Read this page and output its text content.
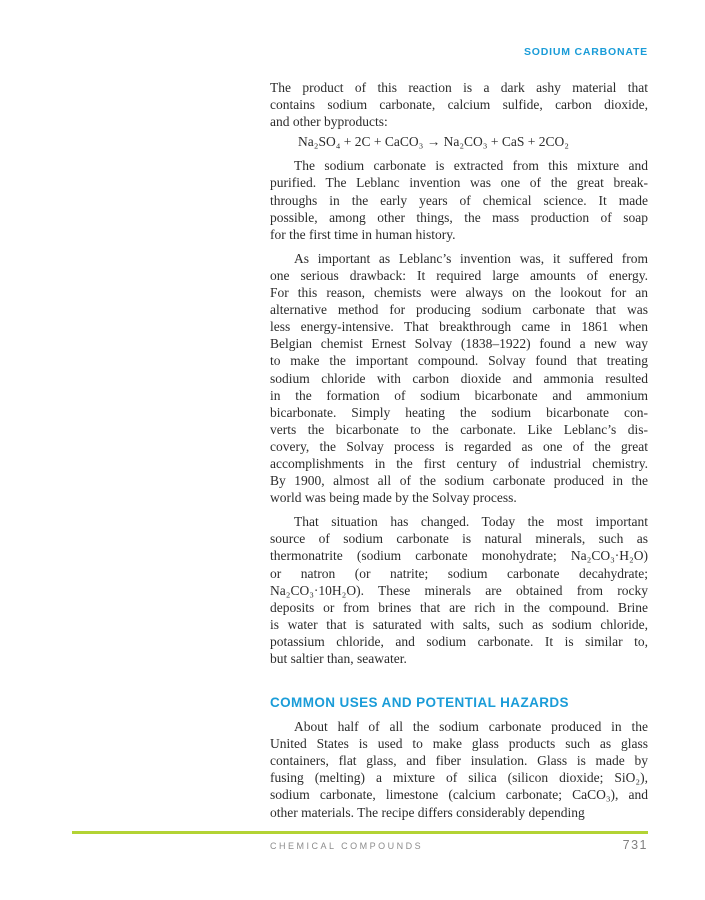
SODIUM CARBONATE
The product of this reaction is a dark ashy material that
contains sodium carbonate, calcium sulfide, carbon dioxide,
and other byproducts:
Na₂SO₄ + 2C + CaCO₃ → Na₂CO₃ + CaS + 2CO₂
The sodium carbonate is extracted from this mixture and
purified. The Leblanc invention was one of the great break-
throughs in the early years of chemical science. It made
possible, among other things, the mass production of soap
for the first time in human history.
As important as Leblanc’s invention was, it suffered from
one serious drawback: It required large amounts of energy.
For this reason, chemists were always on the lookout for an
alternative method for producing sodium carbonate that was
less energy-intensive. That breakthrough came in 1861 when
Belgian chemist Ernest Solvay (1838–1922) found a new way
to make the important compound. Solvay found that treating
sodium chloride with carbon dioxide and ammonia resulted
in the formation of sodium bicarbonate and ammonium
bicarbonate. Simply heating the sodium bicarbonate con-
verts the bicarbonate to the carbonate. Like Leblanc’s dis-
covery, the Solvay process is regarded as one of the great
accomplishments in the first century of industrial chemistry.
By 1900, almost all of the sodium carbonate produced in the
world was being made by the Solvay process.
That situation has changed. Today the most important
source of sodium carbonate is natural minerals, such as
thermonatrite (sodium carbonate monohydrate; Na₂CO₃·H₂O)
or natron (or natrite; sodium carbonate decahydrate;
Na₂CO₃·10H₂O). These minerals are obtained from rocky
deposits or from brines that are rich in the compound. Brine
is water that is saturated with salts, such as sodium chloride,
potassium chloride, and sodium carbonate. It is similar to,
but saltier than, seawater.
COMMON USES AND POTENTIAL HAZARDS
About half of all the sodium carbonate produced in the
United States is used to make glass products such as glass
containers, flat glass, and fiber insulation. Glass is made by
fusing (melting) a mixture of silica (silicon dioxide; SiO₂),
sodium carbonate, limestone (calcium carbonate; CaCO₃), and
other materials. The recipe differs considerably depending
CHEMICAL COMPOUNDS	731
